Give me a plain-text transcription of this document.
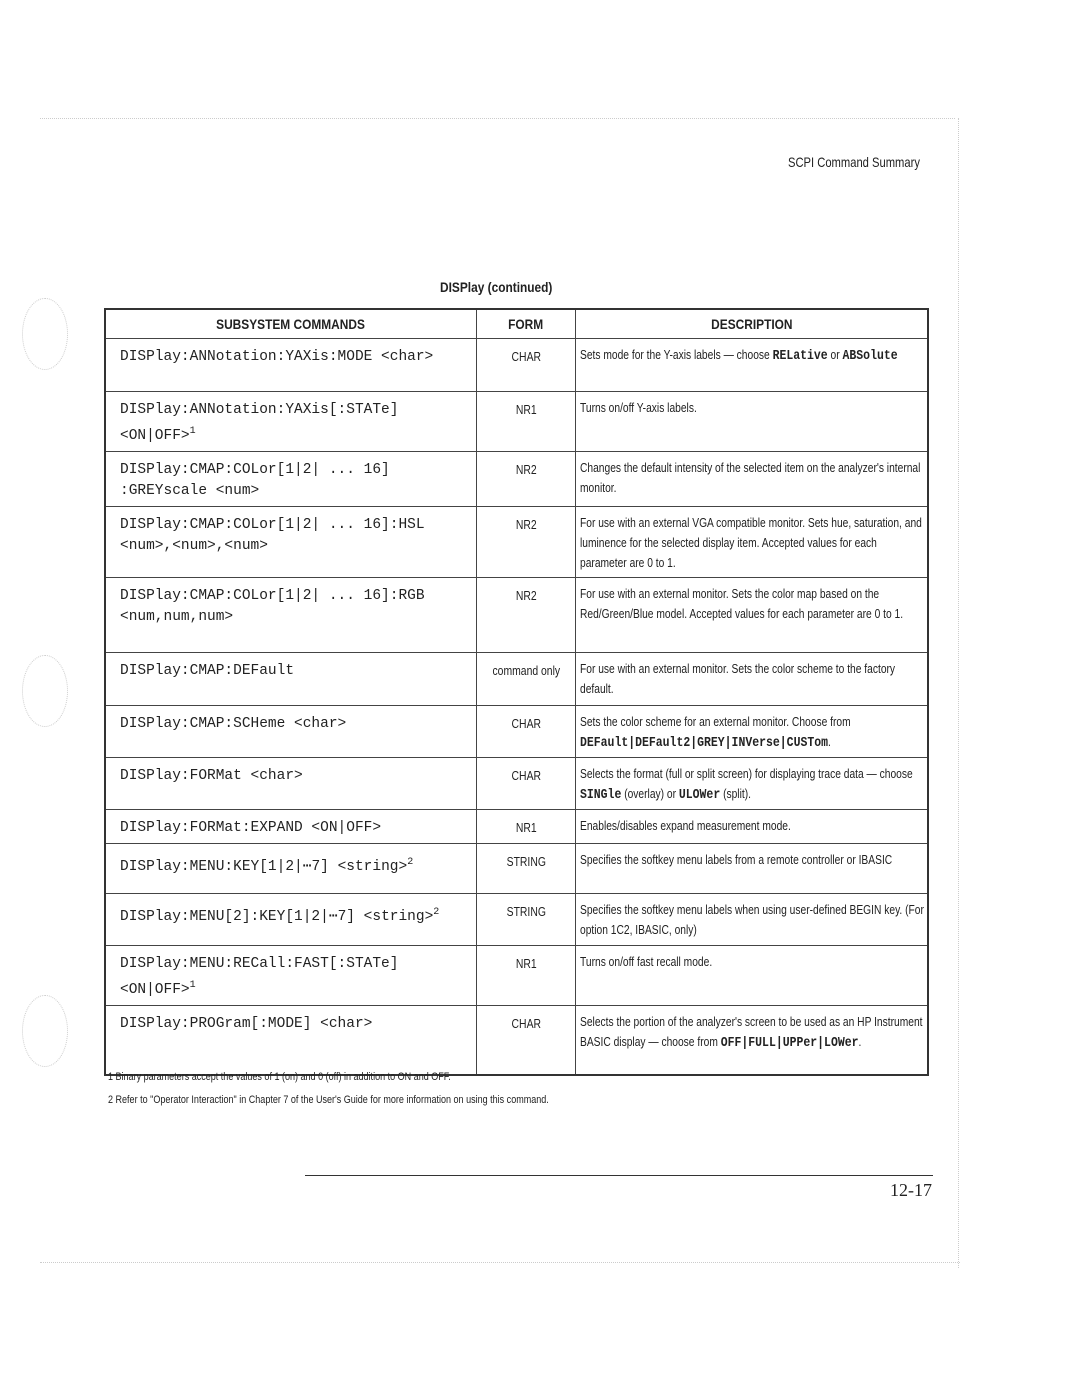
SCPI Command Summary
DISPlay (continued)
SUBSYSTEM COMMANDS	FORM	DESCRIPTION

DISPlay:ANNotation:YAXis:MODE <char>	CHAR	Sets mode for the Y-axis labels — choose RELative or ABSolute

DISPlay:ANNotation:YAXis[:STATe]
<ON|OFF>$^1$	NR1	Turns on/off Y-axis labels.

DISPlay:CMAP:COLor[1|2| ... 16]
:GREYscale <num>	NR2	Changes the default intensity of the selected item on the analyzer's internal monitor.

DISPlay:CMAP:COLor[1|2| ... 16]:HSL
<num>,<num>,<num>	NR2	For use with an external VGA compatible monitor. Sets hue, saturation, and luminence for the selected display item. Accepted values for each parameter are 0 to 1.

DISPlay:CMAP:COLor[1|2| ... 16]:RGB
<num,num,num>	NR2	For use with an external monitor. Sets the color map based on the Red/Green/Blue model. Accepted values for each parameter are 0 to 1.

DISPlay:CMAP:DEFault	command only	For use with an external monitor. Sets the color scheme to the factory default.

DISPlay:CMAP:SCHeme <char>	CHAR	Sets the color scheme for an external monitor. Choose from DEFault|DEFault2|GREY|INVerse|CUSTom.

DISPlay:FORMat <char>	CHAR	Selects the format (full or split screen) for displaying trace data — choose SINGle (overlay) or ULOWer (split).

DISPlay:FORMat:EXPAND <ON|OFF>	NR1	Enables/disables expand measurement mode.

DISPlay:MENU:KEY[1|2|⋯7] <string>$^2$	STRING	Specifies the softkey menu labels from a remote controller or IBASIC

DISPlay:MENU[2]:KEY[1|2|⋯7] <string>$^2$	STRING	Specifies the softkey menu labels when using user-defined BEGIN key. (For option 1C2, IBASIC, only)

DISPlay:MENU:RECall:FAST[:STATe]
<ON|OFF>$^1$	NR1	Turns on/off fast recall mode.

DISPlay:PROGram[:MODE] <char>	CHAR	Selects the portion of the analyzer's screen to be used as an HP Instrument BASIC display — choose from OFF|FULL|UPPer|LOWer.
1 Binary parameters accept the values of 1 (on) and 0 (off) in addition to ON and OFF.
2 Refer to "Operator Interaction" in Chapter 7 of the User's Guide for more information on using this command.
12-17
